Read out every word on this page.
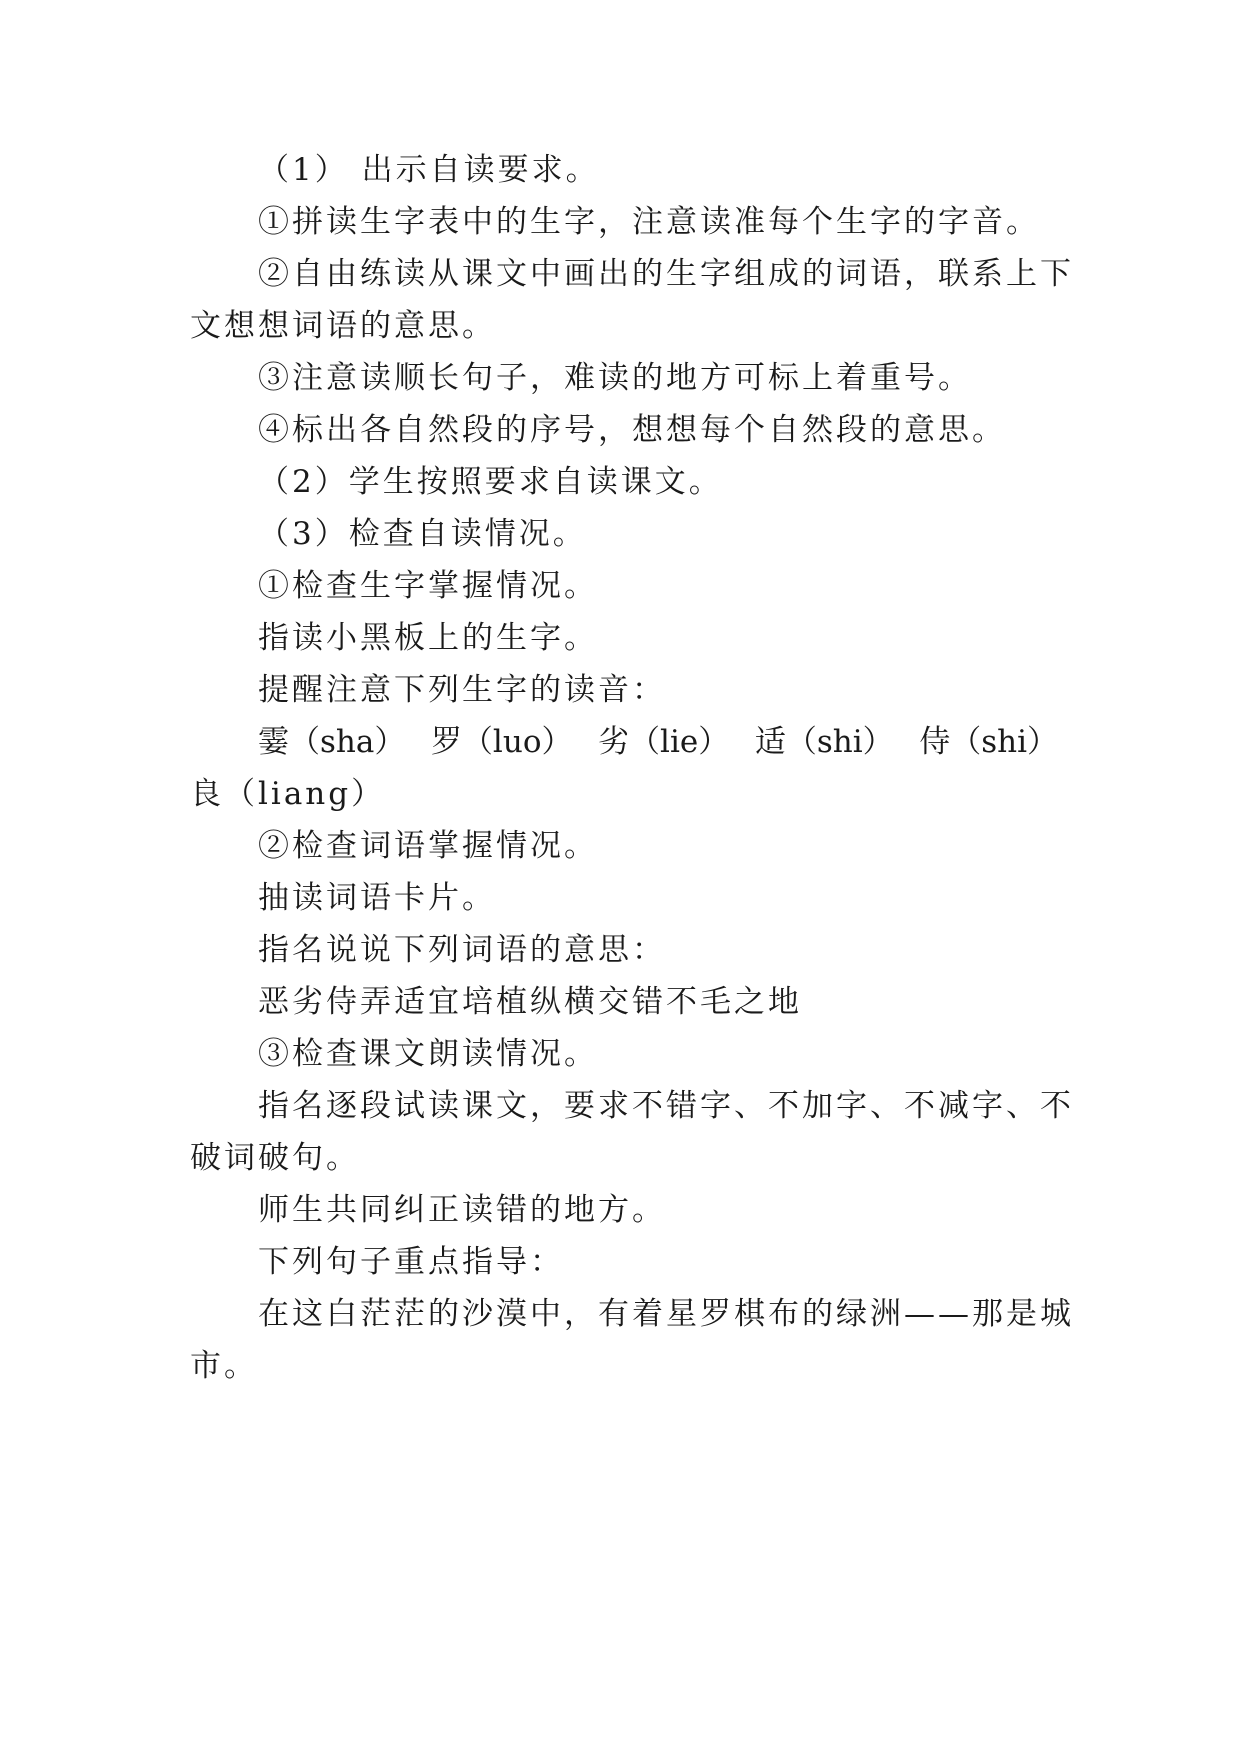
（1） 出示自读要求。
①拼读生字表中的生字，注意读准每个生字的字音。
②自由练读从课文中画出的生字组成的词语，联系上下
文想想词语的意思。
③注意读顺长句子，难读的地方可标上着重号。
④标出各自然段的序号，想想每个自然段的意思。
（2）学生按照要求自读课文。
（3）检查自读情况。
①检查生字掌握情况。
指读小黑板上的生字。
提醒注意下列生字的读音：
霎（sha） 罗（luo） 劣（lie） 适（shi） 侍（shi）
良（liang）
②检查词语掌握情况。
抽读词语卡片。
指名说说下列词语的意思：
恶劣侍弄适宜培植纵横交错不毛之地
③检查课文朗读情况。
指名逐段试读课文，要求不错字、不加字、不减字、不
破词破句。
师生共同纠正读错的地方。
下列句子重点指导：
在这白茫茫的沙漠中，有着星罗棋布的绿洲——那是城
市。
